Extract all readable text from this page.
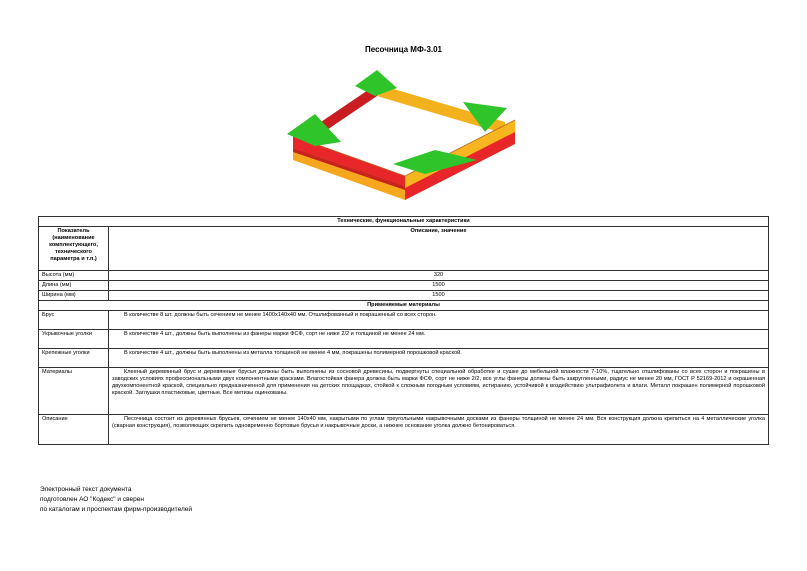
Песочница МФ-3.01
Технические, функциональные характеристики	
Показатель (наименование комплектующего, технического параметра и т.п.)	Описание, значение
Высота (мм)	320
Длина (мм)	1500
Ширина (мм)	1500
Применяемые материалы	
Брус	В количестве 8 шт. должны быть сечением не менее 1400х140х40 мм. Отшлифованный и покрашенный со всех сторон.
Укрывочные уголки	В количестве 4 шт., должны быть выполнены из фанеры марки ФСФ, сорт не ниже 2/2 и толщиной не менее 24 мм.
Крепежные уголки	В количестве 4 шт., должны быть выполнены из металла толщиной не менее 4 мм, покрашены полимерной порошковой краской.
Материалы	Клееный деревянный брус и деревянные брусья должны быть выполнены из сосновой древесины, подвергнуты специальной обработке и сушке до мебельной влажности 7-10%, тщательно отшлифованы со всех сторон и покрашены в заводских условиях профессиональными двух компонентными красками. Влагостойкая фанера должна быть марки ФСФ, сорт не ниже 2/2, все углы фанеры должны быть закругленными, радиус не менее 20 мм, ГОСТ Р 52169-2012 и окрашенная двухкомпонентной краской, специально предназначенной для применения на детских площадках, стойкой к сложным погодным условиям, истиранию, устойчивой к воздействию ультрафиолета и влаги. Металл покрашен полимерной порошковой краской. Заглушки пластиковые, цветные. Все метизы оцинкованы.
Описание	Песочница состоит из деревянных брусьев, сечением не менее 140х40 мм, накрытыми по углам треугольными накрывочными досками из фанеры толщиной не менее 24 мм. Вся конструкция должна крепиться на 4 металлические уголка (сварная конструкция), позволяющих скрепить одновременно бортовые брусья и накрывочные доски, а нижнее основание уголка должно бетонироваться.
Электронный текст документа
подготовлен АО "Кодекс" и сверен
по каталогам и проспектам фирм-производителей
